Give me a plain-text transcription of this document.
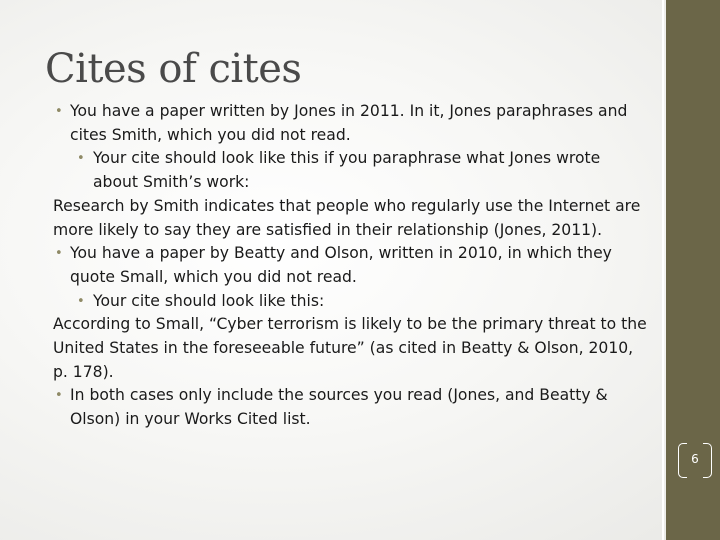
Cites of cites

• You have a paper written by Jones in 2011. In it, Jones paraphrases and cites Smith, which you did not read.

• Your cite should look like this if you paraphrase what Jones wrote about Smith’s work:

Research by Smith indicates that people who regularly use the Internet are more likely to say they are satisfied in their relationship (Jones, 2011).

• You have a paper by Beatty and Olson, written in 2010, in which they quote Small, which you did not read.

• Your cite should look like this:

According to Small, “Cyber terrorism is likely to be the primary threat to the United States in the foreseeable future” (as cited in Beatty & Olson, 2010, p. 178).

• In both cases only include the sources you read (Jones, and Beatty & Olson) in your Works Cited list.

6
